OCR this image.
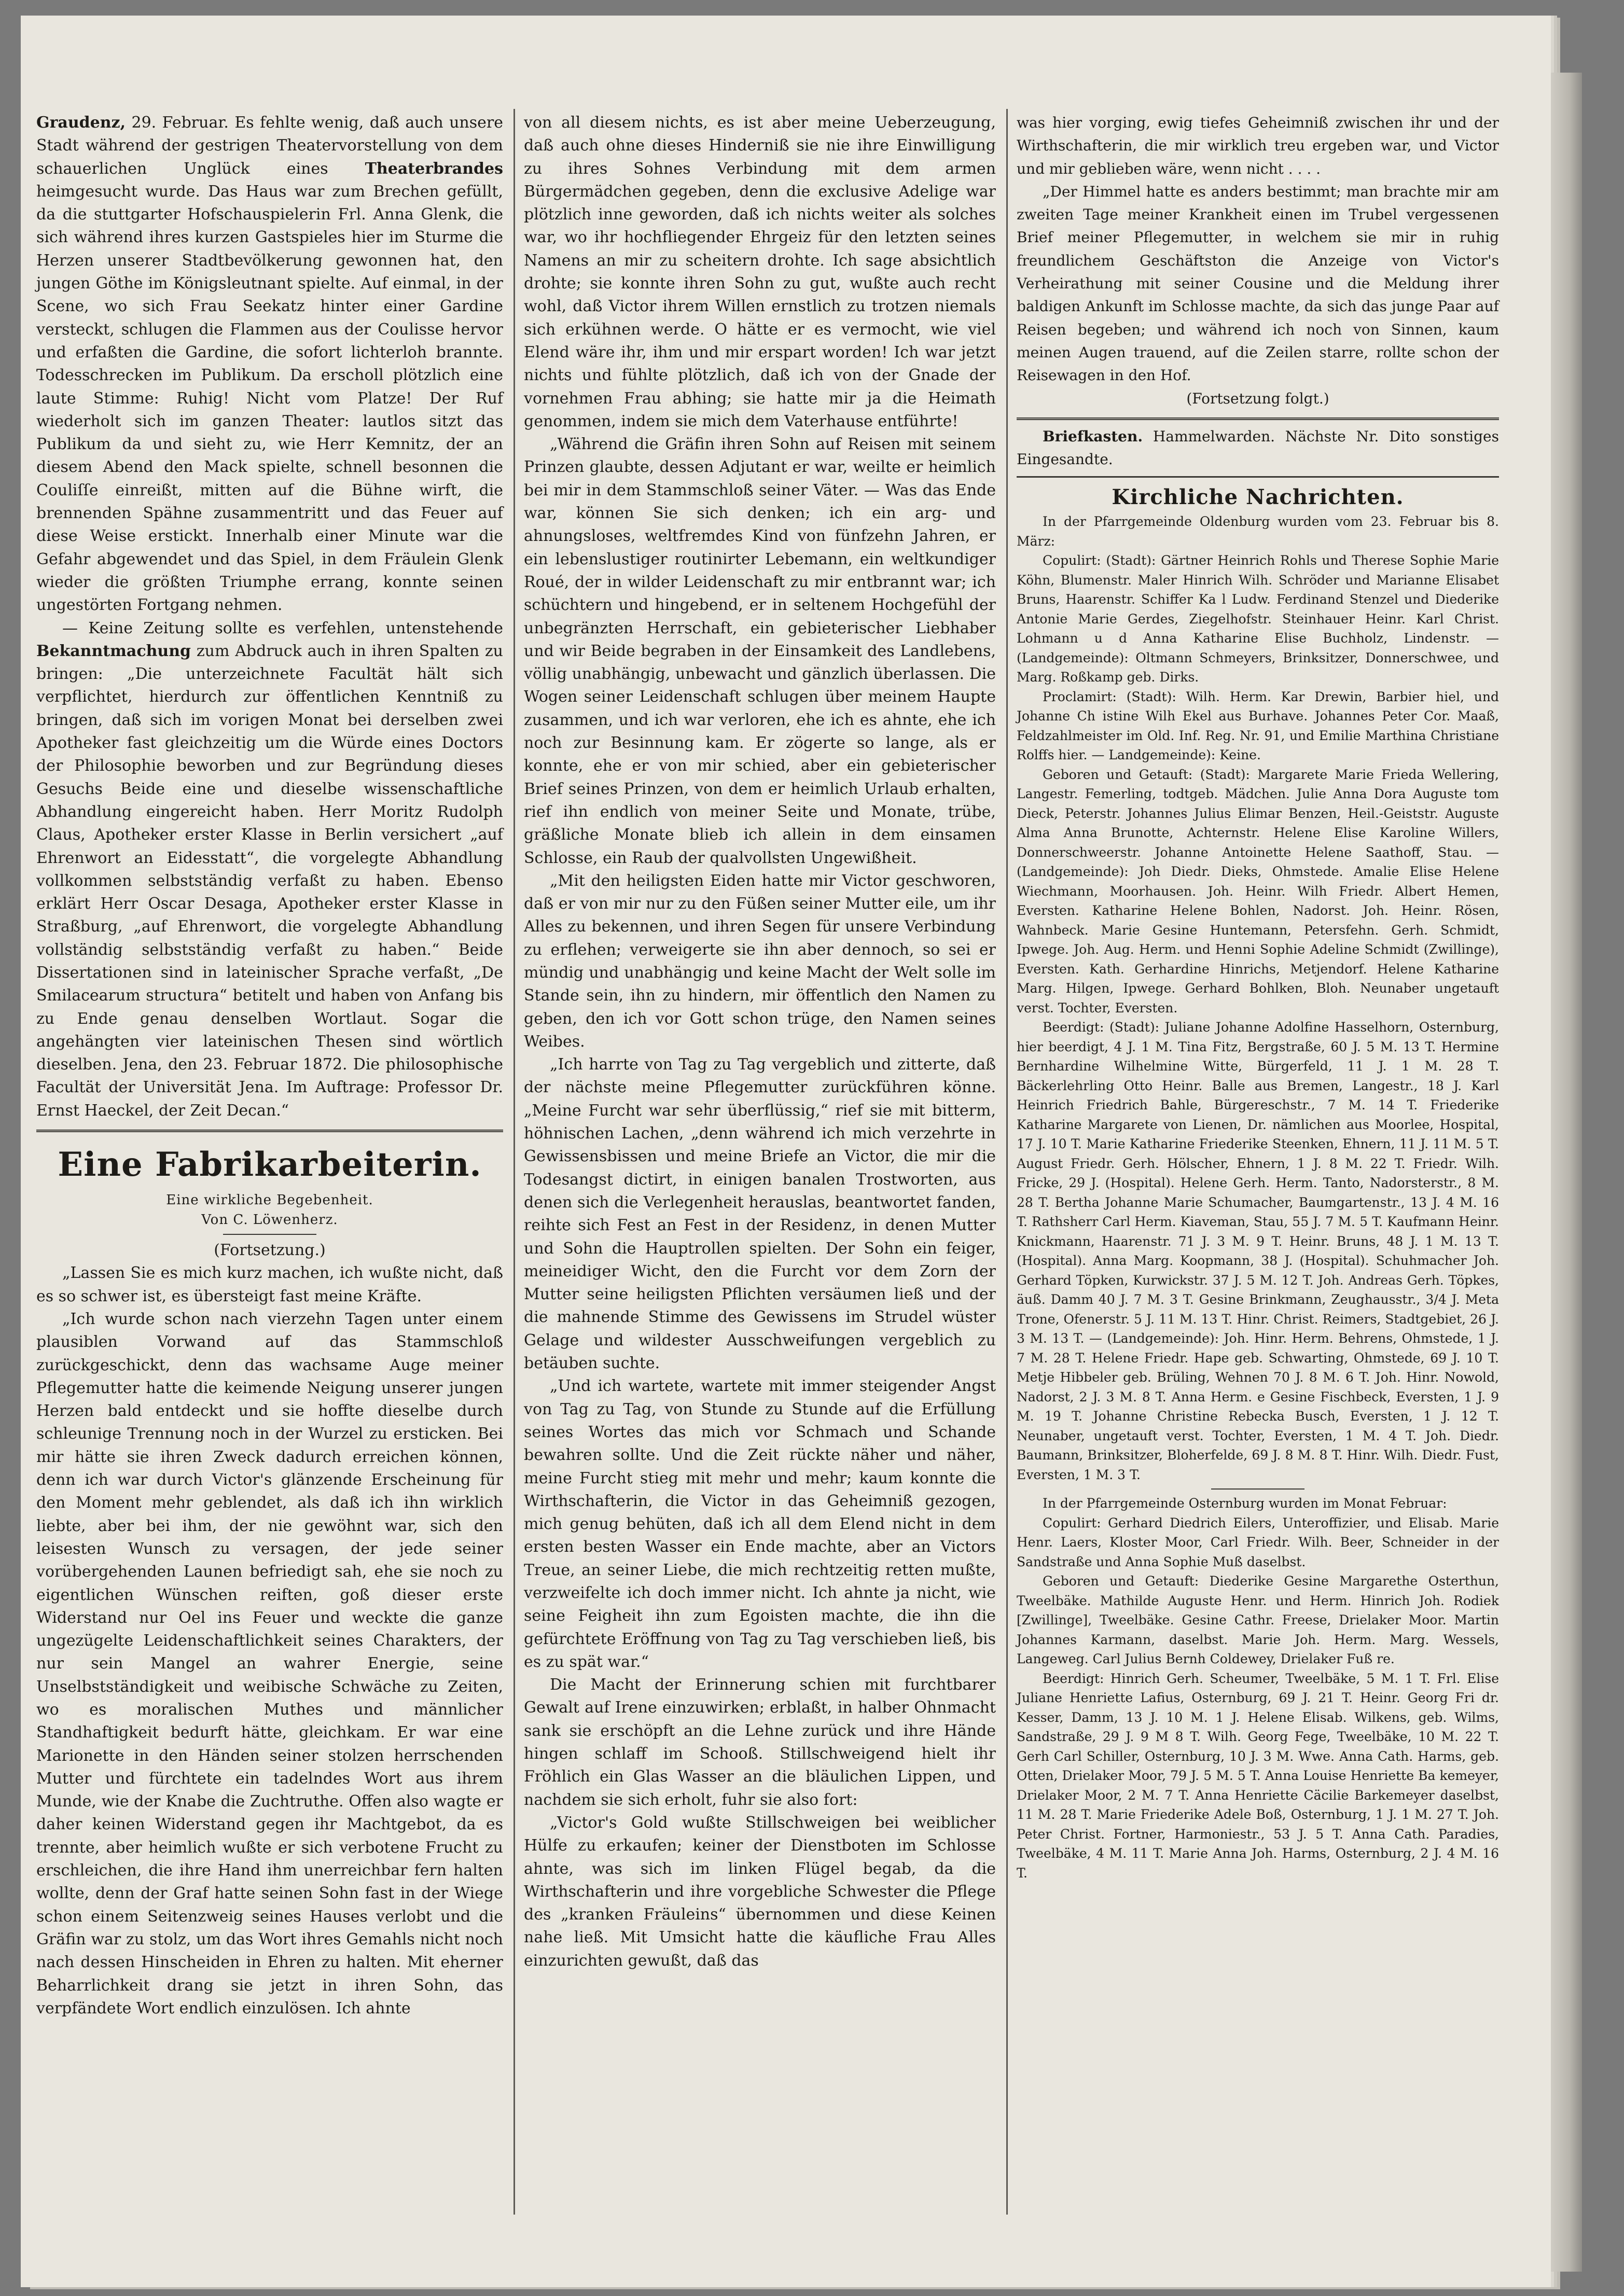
Graudenz, 29. Februar. Es fehlte wenig, daß auch unsere Stadt während der gestrigen Theatervorstellung von dem schauerlichen Unglück eines Theaterbrandes heimgesucht wurde. Das Haus war zum Brechen gefüllt, da die stuttgarter Hofschauspielerin Frl. Anna Glenk, die sich während ihres kurzen Gastspieles hier im Sturme die Herzen unserer Stadtbevölkerung gewonnen hat, den jungen Göthe im Königsleutnant spielte. Auf einmal, in der Scene, wo sich Frau Seekatz hinter einer Gardine versteckt, schlugen die Flammen aus der Coulisse hervor und erfaßten die Gardine, die sofort lichterloh brannte. Todesschrecken im Publikum. Da erscholl plötzlich eine laute Stimme: Ruhig! Nicht vom Platze! Der Ruf wiederholt sich im ganzen Theater: lautlos sitzt das Publikum da und sieht zu, wie Herr Kemnitz, der an diesem Abend den Mack spielte, schnell besonnen die Couliſſe einreißt, mitten auf die Bühne wirft, die brennenden Spähne zusammentritt und das Feuer auf diese Weise erstickt. Innerhalb einer Minute war die Gefahr abgewendet und das Spiel, in dem Fräulein Glenk wieder die größten Triumphe errang, konnte seinen ungestörten Fortgang nehmen.

— Keine Zeitung sollte es verfehlen, untenstehende Bekanntmachung zum Abdruck auch in ihren Spalten zu bringen: „Die unterzeichnete Facultät hält sich verpflichtet, hierdurch zur öffentlichen Kenntniß zu bringen, daß sich im vorigen Monat bei derselben zwei Apotheker fast gleichzeitig um die Würde eines Doctors der Philosophie beworben und zur Begründung dieses Gesuchs Beide eine und dieselbe wissenschaftliche Abhandlung eingereicht haben. Herr Moritz Rudolph Claus, Apotheker erster Klasse in Berlin versichert „auf Ehrenwort an Eidesstatt“, die vorgelegte Abhandlung vollkommen selbstständig verfaßt zu haben. Ebenso erklärt Herr Oscar Desaga, Apotheker erster Klasse in Straßburg, „auf Ehrenwort, die vorgelegte Abhandlung vollständig selbstständig verfaßt zu haben.“ Beide Dissertationen sind in lateinischer Sprache verfaßt, „De Smilacearum structura“ betitelt und haben von Anfang bis zu Ende genau denselben Wortlaut. Sogar die angehängten vier lateinischen Thesen sind wörtlich dieselben. Jena, den 23. Februar 1872. Die philosophische Facultät der Universität Jena. Im Auftrage: Professor Dr. Ernst Haeckel, der Zeit Decan.“

Eine Fabrikarbeiterin.
Eine wirkliche Begebenheit.
Von C. Löwenherz.

(Fortsetzung.)

„Lassen Sie es mich kurz machen, ich wußte nicht, daß es so schwer ist, es übersteigt fast meine Kräfte.

„Ich wurde schon nach vierzehn Tagen unter einem plausiblen Vorwand auf das Stammschloß zurückgeschickt, denn das wachsame Auge meiner Pflegemutter hatte die keimende Neigung unserer jungen Herzen bald entdeckt und sie hoffte dieselbe durch schleunige Trennung noch in der Wurzel zu ersticken. Bei mir hätte sie ihren Zweck dadurch erreichen können, denn ich war durch Victor's glänzende Erscheinung für den Moment mehr geblendet, als daß ich ihn wirklich liebte, aber bei ihm, der nie gewöhnt war, sich den leisesten Wunsch zu versagen, der jede seiner vorübergehenden Launen befriedigt sah, ehe sie noch zu eigentlichen Wünschen reiften, goß dieser erste Widerstand nur Oel ins Feuer und weckte die ganze ungezügelte Leidenschaftlichkeit seines Charakters, der nur sein Mangel an wahrer Energie, seine Unselbstständigkeit und weibische Schwäche zu Zeiten, wo es moralischen Muthes und männlicher Standhaftigkeit bedurft hätte, gleichkam. Er war eine Marionette in den Händen seiner stolzen herrschenden Mutter und fürchtete ein tadelndes Wort aus ihrem Munde, wie der Knabe die Zuchtruthe. Offen also wagte er daher keinen Widerstand gegen ihr Machtgebot, da es trennte, aber heimlich wußte er sich verbotene Frucht zu erschleichen, die ihre Hand ihm unerreichbar fern halten wollte, denn der Graf hatte seinen Sohn fast in der Wiege schon einem Seitenzweig seines Hauses verlobt und die Gräfin war zu stolz, um das Wort ihres Gemahls nicht noch nach dessen Hinscheiden in Ehren zu halten. Mit eherner Beharrlichkeit drang sie jetzt in ihren Sohn, das verpfändete Wort endlich einzulösen. Ich ahnte

von all diesem nichts, es ist aber meine Ueberzeugung, daß auch ohne dieses Hinderniß sie nie ihre Einwilligung zu ihres Sohnes Verbindung mit dem armen Bürgermädchen gegeben, denn die exclusive Adelige war plötzlich inne geworden, daß ich nichts weiter als solches war, wo ihr hochfliegender Ehrgeiz für den letzten seines Namens an mir zu scheitern drohte. Ich sage absichtlich drohte; sie konnte ihren Sohn zu gut, wußte auch recht wohl, daß Victor ihrem Willen ernstlich zu trotzen niemals sich erkühnen werde. O hätte er es vermocht, wie viel Elend wäre ihr, ihm und mir erspart worden! Ich war jetzt nichts und fühlte plötzlich, daß ich von der Gnade der vornehmen Frau abhing; sie hatte mir ja die Heimath genommen, indem sie mich dem Vaterhause entführte!

„Während die Gräfin ihren Sohn auf Reisen mit seinem Prinzen glaubte, dessen Adjutant er war, weilte er heimlich bei mir in dem Stammschloß seiner Väter. — Was das Ende war, können Sie sich denken; ich ein arg- und ahnungsloses, weltfremdes Kind von fünfzehn Jahren, er ein lebenslustiger routinirter Lebemann, ein weltkundiger Roué, der in wilder Leidenschaft zu mir entbrannt war; ich schüchtern und hingebend, er in seltenem Hochgefühl der unbegränzten Herrschaft, ein gebieterischer Liebhaber und wir Beide begraben in der Einsamkeit des Landlebens, völlig unabhängig, unbewacht und gänzlich überlassen. Die Wogen seiner Leidenschaft schlugen über meinem Haupte zusammen, und ich war verloren, ehe ich es ahnte, ehe ich noch zur Besinnung kam. Er zögerte so lange, als er konnte, ehe er von mir schied, aber ein gebieterischer Brief seines Prinzen, von dem er heimlich Urlaub erhalten, rief ihn endlich von meiner Seite und Monate, trübe, gräßliche Monate blieb ich allein in dem einsamen Schlosse, ein Raub der qualvollsten Ungewißheit.

„Mit den heiligsten Eiden hatte mir Victor geschworen, daß er von mir nur zu den Füßen seiner Mutter eile, um ihr Alles zu bekennen, und ihren Segen für unsere Verbindung zu erflehen; verweigerte sie ihn aber dennoch, so sei er mündig und unabhängig und keine Macht der Welt solle im Stande sein, ihn zu hindern, mir öffentlich den Namen zu geben, den ich vor Gott schon trüge, den Namen seines Weibes.

„Ich harrte von Tag zu Tag vergeblich und zitterte, daß der nächste meine Pflegemutter zurückführen könne. „Meine Furcht war sehr überflüssig,“ rief sie mit bitterm, höhnischen Lachen, „denn während ich mich verzehrte in Gewissensbissen und meine Briefe an Victor, die mir die Todesangst dictirt, in einigen banalen Trostworten, aus denen sich die Verlegenheit herauslas, beantwortet fanden, reihte sich Fest an Fest in der Residenz, in denen Mutter und Sohn die Hauptrollen spielten. Der Sohn ein feiger, meineidiger Wicht, den die Furcht vor dem Zorn der Mutter seine heiligsten Pflichten versäumen ließ und der die mahnende Stimme des Gewissens im Strudel wüster Gelage und wildester Ausschweifungen vergeblich zu betäuben suchte.

„Und ich wartete, wartete mit immer steigender Angst von Tag zu Tag, von Stunde zu Stunde auf die Erfüllung seines Wortes das mich vor Schmach und Schande bewahren sollte. Und die Zeit rückte näher und näher, meine Furcht stieg mit mehr und mehr; kaum konnte die Wirthschafterin, die Victor in das Geheimniß gezogen, mich genug behüten, daß ich all dem Elend nicht in dem ersten besten Wasser ein Ende machte, aber an Victors Treue, an seiner Liebe, die mich rechtzeitig retten mußte, verzweifelte ich doch immer nicht. Ich ahnte ja nicht, wie seine Feigheit ihn zum Egoisten machte, die ihn die gefürchtete Eröffnung von Tag zu Tag verschieben ließ, bis es zu spät war.“

Die Macht der Erinnerung schien mit furchtbarer Gewalt auf Irene einzuwirken; erblaßt, in halber Ohnmacht sank sie erschöpft an die Lehne zurück und ihre Hände hingen schlaff im Schooß. Stillschweigend hielt ihr Fröhlich ein Glas Wasser an die bläulichen Lippen, und nachdem sie sich erholt, fuhr sie also fort:

„Victor's Gold wußte Stillschweigen bei weiblicher Hülfe zu erkaufen; keiner der Dienstboten im Schlosse ahnte, was sich im linken Flügel begab, da die Wirthschafterin und ihre vorgebliche Schwester die Pflege des „kranken Fräuleins“ übernommen und diese Keinen nahe ließ. Mit Umsicht hatte die käufliche Frau Alles einzurichten gewußt, daß das

was hier vorging, ewig tiefes Geheimniß zwischen ihr und der Wirthschafterin, die mir wirklich treu ergeben war, und Victor und mir geblieben wäre, wenn nicht . . . .

„Der Himmel hatte es anders bestimmt; man brachte mir am zweiten Tage meiner Krankheit einen im Trubel vergessenen Brief meiner Pflegemutter, in welchem sie mir in ruhig freundlichem Geschäftston die Anzeige von Victor's Verheirathung mit seiner Cousine und die Meldung ihrer baldigen Ankunft im Schlosse machte, da sich das junge Paar auf Reisen begeben; und während ich noch von Sinnen, kaum meinen Augen trauend, auf die Zeilen starre, rollte schon der Reisewagen in den Hof.

(Fortsetzung folgt.)

Briefkasten. Hammelwarden. Nächste Nr. Dito sonstiges Eingesandte.

Kirchliche Nachrichten.

In der Pfarrgemeinde Oldenburg wurden vom 23. Februar bis 8. März:

Copulirt: (Stadt): Gärtner Heinrich Rohls und Therese Sophie Marie Köhn, Blumenstr. Maler Hinrich Wilh. Schröder und Marianne Elisabet Bruns, Haarenstr. Schiffer Ka l Ludw. Ferdinand Stenzel und Diederike Antonie Marie Gerdes, Ziegelhofstr. Steinhauer Heinr. Karl Christ. Lohmann u d Anna Katharine Elise Buchholz, Lindenstr. — (Landgemeinde): Oltmann Schmeyers, Brinksitzer, Donnerschwee, und Marg. Roßkamp geb. Dirks.

Proclamirt: (Stadt): Wilh. Herm. Kar Drewin, Barbier hiel, und Johanne Ch istine Wilh Ekel aus Burhave. Johannes Peter Cor. Maaß, Feldzahlmeister im Old. Inf. Reg. Nr. 91, und Emilie Marthina Christiane Rolffs hier. — Landgemeinde): Keine.

Geboren und Getauft: (Stadt): Margarete Marie Frieda Wellering, Langestr. Femerling, todtgeb. Mädchen. Julie Anna Dora Auguste tom Dieck, Peterstr. Johannes Julius Elimar Benzen, Heil.-Geiststr. Auguste Alma Anna Brunotte, Achternstr. Helene Elise Karoline Willers, Donnerschweerstr. Johanne Antoinette Helene Saathoff, Stau. — (Landgemeinde): Joh Diedr. Dieks, Ohmstede. Amalie Elise Helene Wiechmann, Moorhausen. Joh. Heinr. Wilh Friedr. Albert Hemen, Eversten. Katharine Helene Bohlen, Nadorst. Joh. Heinr. Rösen, Wahnbeck. Marie Gesine Huntemann, Petersfehn. Gerh. Schmidt, Ipwege. Joh. Aug. Herm. und Henni Sophie Adeline Schmidt (Zwillinge), Eversten. Kath. Gerhardine Hinrichs, Metjendorf. Helene Katharine Marg. Hilgen, Ipwege. Gerhard Bohlken, Bloh. Neunaber ungetauft verst. Tochter, Eversten.

Beerdigt: (Stadt): Juliane Johanne Adolfine Hasselhorn, Osternburg, hier beerdigt, 4 J. 1 M. Tina Fitz, Bergstraße, 60 J. 5 M. 13 T. Hermine Bernhardine Wilhelmine Witte, Bürgerfeld, 11 J. 1 M. 28 T. Bäckerlehrling Otto Heinr. Balle aus Bremen, Langestr., 18 J. Karl Heinrich Friedrich Bahle, Bürgereschstr., 7 M. 14 T. Friederike Katharine Margarete von Lienen, Dr. nämlichen aus Moorlee, Hospital, 17 J. 10 T. Marie Katharine Friederike Steenken, Ehnern, 11 J. 11 M. 5 T. August Friedr. Gerh. Hölscher, Ehnern, 1 J. 8 M. 22 T. Friedr. Wilh. Fricke, 29 J. (Hospital). Helene Gerh. Herm. Tanto, Nadorsterstr., 8 M. 28 T. Bertha Johanne Marie Schumacher, Baumgartenstr., 13 J. 4 M. 16 T. Rathsherr Carl Herm. Kiaveman, Stau, 55 J. 7 M. 5 T. Kaufmann Heinr. Knickmann, Haarenstr. 71 J. 3 M. 9 T. Heinr. Bruns, 48 J. 1 M. 13 T. (Hospital). Anna Marg. Koopmann, 38 J. (Hospital). Schuhmacher Joh. Gerhard Töpken, Kurwickstr. 37 J. 5 M. 12 T. Joh. Andreas Gerh. Töpkes, äuß. Damm 40 J. 7 M. 3 T. Gesine Brinkmann, Zeughausstr., 3/4 J. Meta Trone, Ofenerstr. 5 J. 11 M. 13 T. Hinr. Christ. Reimers, Stadtgebiet, 26 J. 3 M. 13 T. — (Landgemeinde): Joh. Hinr. Herm. Behrens, Ohmstede, 1 J. 7 M. 28 T. Helene Friedr. Hape geb. Schwarting, Ohmstede, 69 J. 10 T. Metje Hibbeler geb. Brüling, Wehnen 70 J. 8 M. 6 T. Joh. Hinr. Nowold, Nadorst, 2 J. 3 M. 8 T. Anna Herm. e Gesine Fischbeck, Eversten, 1 J. 9 M. 19 T. Johanne Christine Rebecka Busch, Eversten, 1 J. 12 T. Neunaber, ungetauft verst. Tochter, Eversten, 1 M. 4 T. Joh. Diedr. Baumann, Brinksitzer, Bloherfelde, 69 J. 8 M. 8 T. Hinr. Wilh. Diedr. Fust, Eversten, 1 M. 3 T.

In der Pfarrgemeinde Osternburg wurden im Monat Februar:

Copulirt: Gerhard Diedrich Eilers, Unteroffizier, und Elisab. Marie Henr. Laers, Kloster Moor, Carl Friedr. Wilh. Beer, Schneider in der Sandstraße und Anna Sophie Muß daselbst.

Geboren und Getauft: Diederike Gesine Margarethe Osterthun, Tweelbäke. Mathilde Auguste Henr. und Herm. Hinrich Joh. Rodiek [Zwillinge], Tweelbäke. Gesine Cathr. Freese, Drielaker Moor. Martin Johannes Karmann, daselbst. Marie Joh. Herm. Marg. Wessels, Langeweg. Carl Julius Bernh Coldewey, Drielaker Fuß re.

Beerdigt: Hinrich Gerh. Scheumer, Tweelbäke, 5 M. 1 T. Frl. Elise Juliane Henriette Lafius, Osternburg, 69 J. 21 T. Heinr. Georg Fri dr. Kesser, Damm, 13 J. 10 M. 1 J. Helene Elisab. Wilkens, geb. Wilms, Sandstraße, 29 J. 9 M 8 T. Wilh. Georg Fege, Tweelbäke, 10 M. 22 T. Gerh Carl Schiller, Osternburg, 10 J. 3 M. Wwe. Anna Cath. Harms, geb. Otten, Drielaker Moor, 79 J. 5 M. 5 T. Anna Louise Henriette Ba kemeyer, Drielaker Moor, 2 M. 7 T. Anna Henriette Cäcilie Barkemeyer daselbst, 11 M. 28 T. Marie Friederike Adele Boß, Osternburg, 1 J. 1 M. 27 T. Joh. Peter Christ. Fortner, Harmoniestr., 53 J. 5 T. Anna Cath. Paradies, Tweelbäke, 4 M. 11 T. Marie Anna Joh. Harms, Osternburg, 2 J. 4 M. 16 T.
